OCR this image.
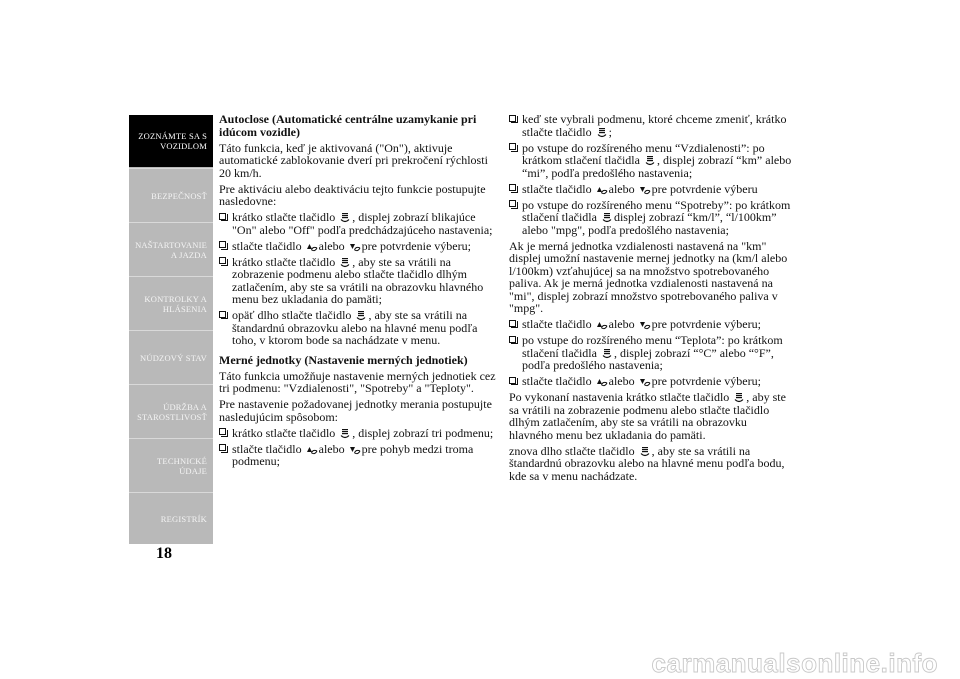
ZOZNÁMTE SA S
VOZIDLOM
BEZPEČNOSŤ
NAŠTARTOVANIE
A JAZDA
KONTROLKY A
HLÁSENIA
NÚDZOVÝ STAV
ÚDRŽBA A
STAROSTLIVOSŤ
TECHNICKÉ
ÚDAJE
REGISTRÍK
18
Autoclose (Automatické centrálne uzamykanie pri idúcom vozidle)
Táto funkcia, keď je aktivovaná ("On"), aktivuje automatické zablokovanie dverí pri prekročení rýchlosti 20 km/h.
Pre aktiváciu alebo deaktiváciu tejto funkcie postupujte nasledovne:
krátko stlačte tlačidlo , displej zobrazí blikajúce "On" alebo "Off" podľa predchádzajúceho nastavenia;
stlačte tlačidlo alebo pre potvrdenie výberu;
krátko stlačte tlačidlo , aby ste sa vrátili na zobrazenie podmenu alebo stlačte tlačidlo dlhým zatlačením, aby ste sa vrátili na obrazovku hlavného menu bez ukladania do pamäti;
opäť dlho stlačte tlačidlo , aby ste sa vrátili na štandardnú obrazovku alebo na hlavné menu podľa toho, v ktorom bode sa nachádzate v menu.
Merné jednotky (Nastavenie merných jednotiek)
Táto funkcia umožňuje nastavenie merných jednotiek cez tri podmenu: "Vzdialenosti", "Spotreby" a "Teploty".
Pre nastavenie požadovanej jednotky merania postupujte nasledujúcim spôsobom:
krátko stlačte tlačidlo , displej zobrazí tri podmenu;
stlačte tlačidlo alebo pre pohyb medzi troma podmenu;
keď ste vybrali podmenu, ktoré chceme zmeniť, krátko stlačte tlačidlo ;
po vstupe do rozšíreného menu “Vzdialenosti”: po krátkom stlačení tlačidla , displej zobrazí “km” alebo “mi”, podľa predošlého nastavenia;
stlačte tlačidlo alebo pre potvrdenie výberu
po vstupe do rozšíreného menu “Spotreby”: po krátkom stlačení tlačidla displej zobrazí “km/l”, “l/100km” alebo "mpg", podľa predošlého nastavenia;
Ak je merná jednotka vzdialenosti nastavená na "km" displej umožní nastavenie mernej jednotky na (km/l alebo l/100km) vzťahujúcej sa na množstvo spotrebovaného paliva. Ak je merná jednotka vzdialenosti nastavená na "mi", displej zobrazí množstvo spotrebovaného paliva v "mpg".
stlačte tlačidlo alebo pre potvrdenie výberu;
po vstupe do rozšíreného menu “Teplota”: po krátkom stlačení tlačidla , displej zobrazí “°C” alebo “°F”, podľa predošlého nastavenia;
stlačte tlačidlo alebo pre potvrdenie výberu;
Po vykonaní nastavenia krátko stlačte tlačidlo , aby ste sa vrátili na zobrazenie podmenu alebo stlačte tlačidlo dlhým zatlačením, aby ste sa vrátili na obrazovku hlavného menu bez ukladania do pamäti.
znova dlho stlačte tlačidlo , aby ste sa vrátili na štandardnú obrazovku alebo na hlavné menu podľa bodu, kde sa v menu nachádzate.
carmanualsonline.info
